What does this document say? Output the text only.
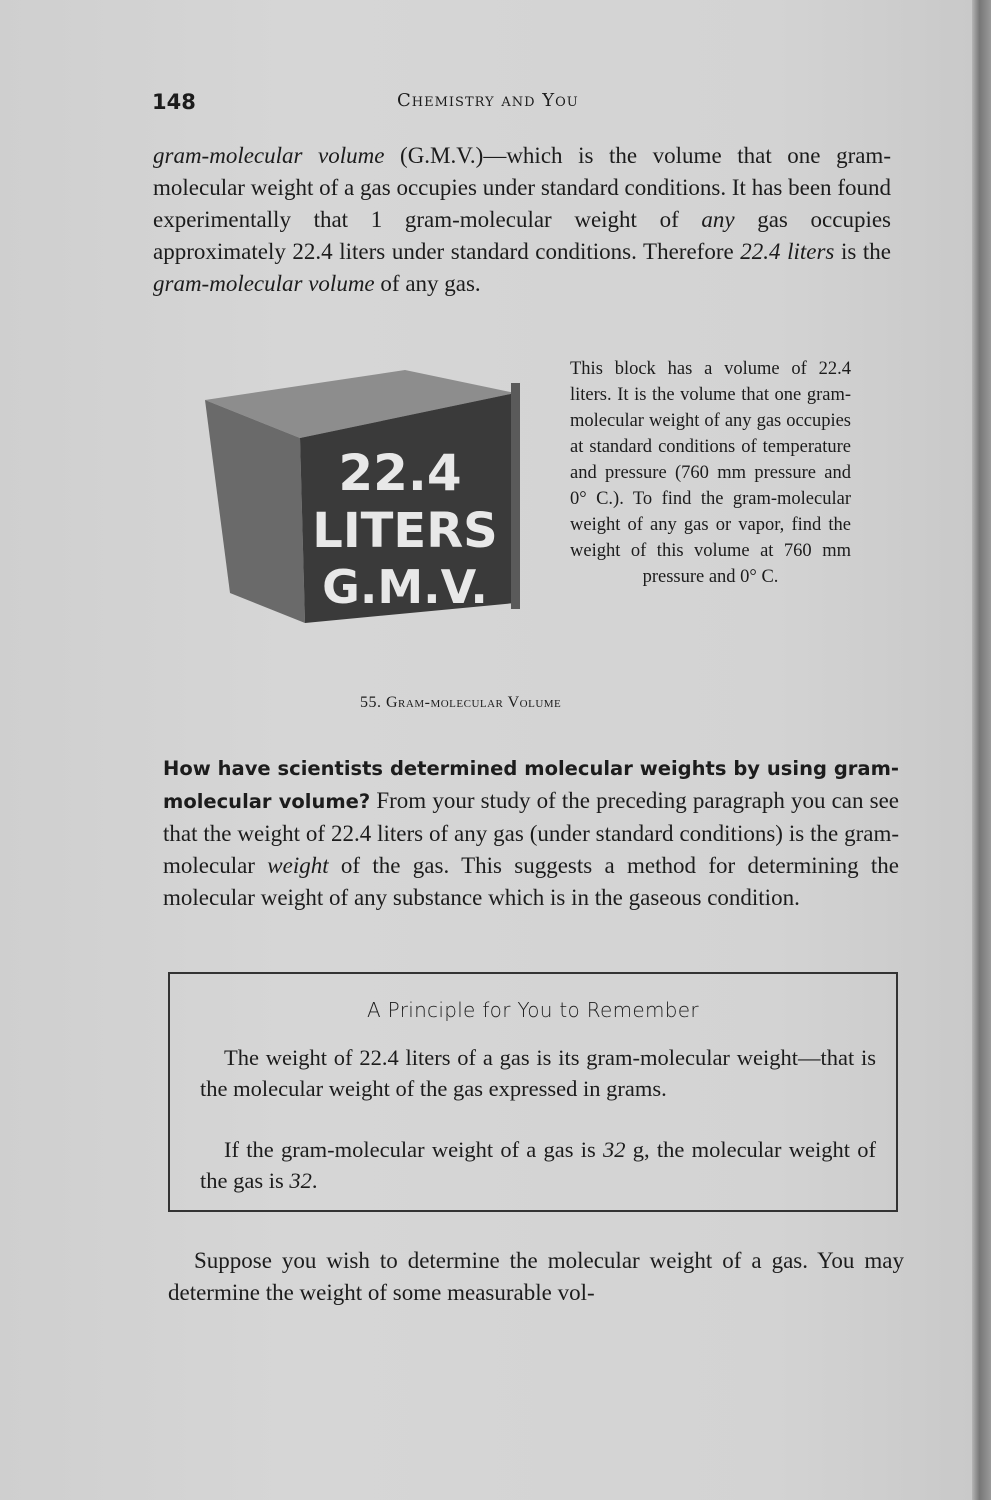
148	Chemistry and You

gram-molecular volume (G.M.V.)—which is the volume that one gram-molecular weight of a gas occupies under standard conditions. It has been found experimentally that 1 gram-molecular weight of any gas occupies approximately 22.4 liters under standard conditions. Therefore 22.4 liters is the gram-molecular volume of any gas.

22.4
LITERS
G.M.V.

This block has a volume of 22.4 liters. It is the volume that one gram-molecular weight of any gas occupies at standard conditions of temperature and pressure (760 mm pressure and 0° C.). To find the gram-molecular weight of any gas or vapor, find the weight of this volume at 760 mm pressure and 0° C.

55. Gram-molecular Volume

How have scientists determined molecular weights by using gram-molecular volume? From your study of the preceding paragraph you can see that the weight of 22.4 liters of any gas (under standard conditions) is the gram-molecular weight of the gas. This suggests a method for determining the molecular weight of any substance which is in the gaseous condition.

A Principle for You to Remember

The weight of 22.4 liters of a gas is its gram-molecular weight—that is the molecular weight of the gas expressed in grams.

If the gram-molecular weight of a gas is 32 g, the molecular weight of the gas is 32.

Suppose you wish to determine the molecular weight of a gas. You may determine the weight of some measurable vol-
